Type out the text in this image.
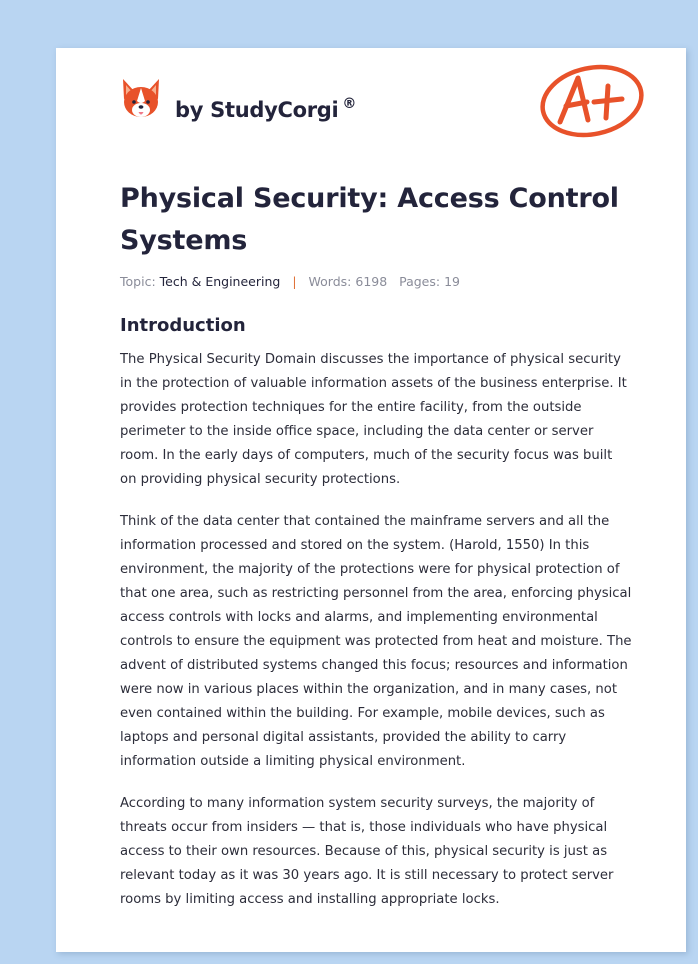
by StudyCorgi ®
Physical Security: Access Control Systems
Topic: Tech & Engineering | Words: 6198 Pages: 19
Introduction

The Physical Security Domain discusses the importance of physical security in the protection of valuable information assets of the business enterprise. It provides protection techniques for the entire facility, from the outside perimeter to the inside office space, including the data center or server room. In the early days of computers, much of the security focus was built on providing physical security protections.

Think of the data center that contained the mainframe servers and all the information processed and stored on the system. (Harold, 1550) In this environment, the majority of the protections were for physical protection of that one area, such as restricting personnel from the area, enforcing physical access controls with locks and alarms, and implementing environmental controls to ensure the equipment was protected from heat and moisture. The advent of distributed systems changed this focus; resources and information were now in various places within the organization, and in many cases, not even contained within the building. For example, mobile devices, such as laptops and personal digital assistants, provided the ability to carry information outside a limiting physical environment.

According to many information system security surveys, the majority of threats occur from insiders — that is, those individuals who have physical access to their own resources. Because of this, physical security is just as relevant today as it was 30 years ago. It is still necessary to protect server rooms by limiting access and installing appropriate locks.
